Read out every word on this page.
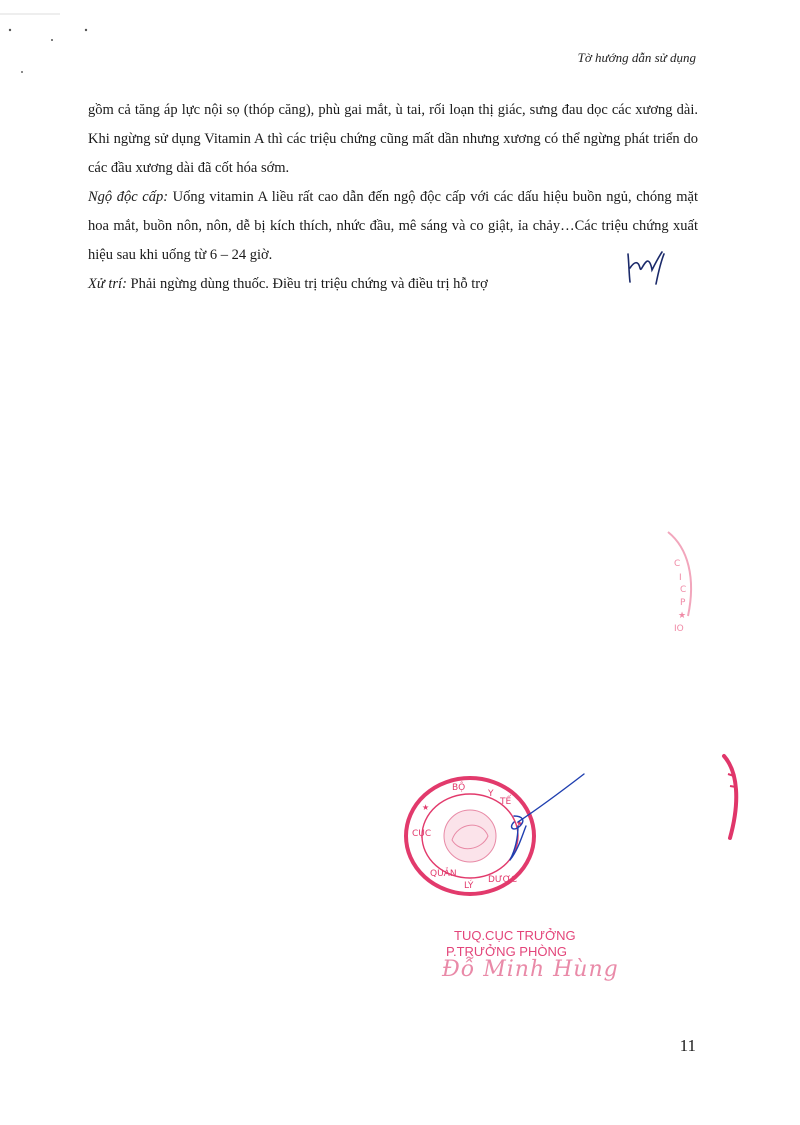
Tờ hướng dẫn sử dụng

gồm cả tăng áp lực nội sọ (thóp căng), phù gai mắt, ù tai, rối loạn thị giác, sưng đau dọc các xương dài. Khi ngừng sử dụng Vitamin A thì các triệu chứng cũng mất dần nhưng xương có thể ngừng phát triển do các đầu xương dài đã cốt hóa sớm.

Ngộ độc cấp: Uống vitamin A liều rất cao dẫn đến ngộ độc cấp với các dấu hiệu buồn ngủ, chóng mặt hoa mắt, buồn nôn, nôn, dễ bị kích thích, nhức đầu, mê sáng và co giật, ỉa chảy…Các triệu chứng xuất hiệu sau khi uống từ 6 – 24 giờ.

Xử trí: Phải ngừng dùng thuốc. Điều trị triệu chứng và điều trị hỗ trợ

C
I
C
P
★
IO
BỘ
Y
TẾ
CỤC
QUẢN
LÝ
DƯỢC
★
★
TUQ.CỤC TRƯỞNG
P.TRƯỞNG PHÒNG
Đỗ Minh Hùng
11
